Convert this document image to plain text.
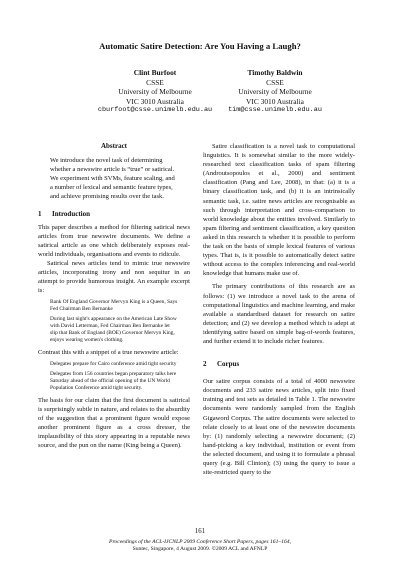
Automatic Satire Detection: Are You Having a Laugh?
Clint Burfoot
CSSE
University of Melbourne
VIC 3010 Australia
cburfoot@csse.unimelb.edu.au
Timothy Baldwin
CSSE
University of Melbourne
VIC 3010 Australia
tim@csse.unimelb.edu.au
Abstract

We introduce the novel task of determining whether a newswire article is “true” or satirical. We experiment with SVMs, feature scaling, and a number of lexical and semantic feature types, and achieve promising results over the task.

1 Introduction

This paper describes a method for filtering satirical news articles from true newswire documents. We define a satirical article as one which deliberately exposes real-world individuals, organisations and events to ridicule.

Satirical news articles tend to mimic true newswire articles, incorporating irony and non sequitur in an attempt to provide humorous insight. An example excerpt is:

Bank Of England Governor Mervyn King is a Queen, Says Fed Chairman Ben Bernanke
During last night's appearance on the American Late Show with David Letterman, Fed Chairman Ben Bernanke let slip that Bank of England (BOE) Governor Mervyn King, enjoys wearing women's clothing.

Contrast this with a snippet of a true newswire article:

Delegates prepare for Cairo conference amid tight security
Delegates from 156 countries began preparatory talks here Saturday ahead of the official opening of the UN World Population Conference amid tight security.

The basis for our claim that the first document is satirical is surprisingly subtle in nature, and relates to the absurdity of the suggestion that a prominent figure would expose another prominent figure as a cross dresser, the implausibility of this story appearing in a reputable news source, and the pun on the name (King being a Queen).

Satire classification is a novel task to computational linguistics. It is somewhat similar to the more widely-researched text classification tasks of spam filtering (Androutsopoulos et al., 2000) and sentiment classification (Pang and Lee, 2008), in that: (a) it is a binary classification task, and (b) it is an intrinsically semantic task, i.e. satire news articles are recognisable as such through interpretation and cross-comparison to world knowledge about the entities involved. Similarly to spam filtering and sentiment classification, a key question asked in this research is whether it is possible to perform the task on the basis of simple lexical features of various types. That is, is it possible to automatically detect satire without access to the complex inferencing and real-world knowledge that humans make use of.

The primary contributions of this research are as follows: (1) we introduce a novel task to the arena of computational linguistics and machine learning, and make available a standardised dataset for research on satire detection; and (2) we develop a method which is adept at identifying satire based on simple bag-of-words features, and further extend it to include richer features.

2 Corpus

Our satire corpus consists of a total of 4000 newswire documents and 233 satire news articles, split into fixed training and test sets as detailed in Table 1. The newswire documents were randomly sampled from the English Gigaword Corpus. The satire documents were selected to relate closely to at least one of the newswire documents by: (1) randomly selecting a newswire document; (2) hand-picking a key individual, institution or event from the selected document, and using it to formulate a phrasal query (e.g. Bill Clinton); (3) using the query to issue a site-restricted query to the

161
Proceedings of the ACL-IJCNLP 2009 Conference Short Papers, pages 161–164,
Suntec, Singapore, 4 August 2009. ©2009 ACL and AFNLP
